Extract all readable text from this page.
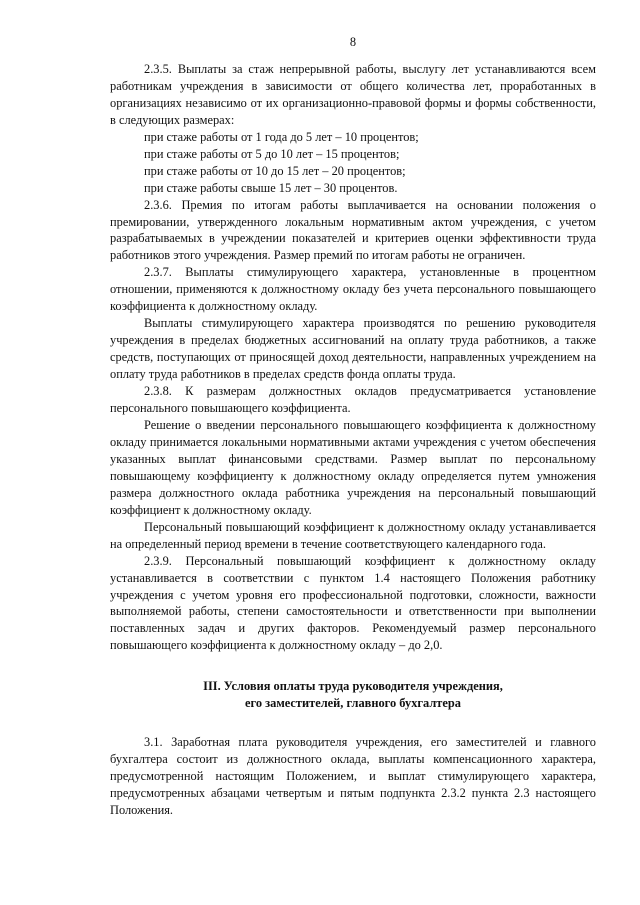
8

2.3.5. Выплаты за стаж непрерывной работы, выслугу лет устанавливаются всем работникам учреждения в зависимости от общего количества лет, проработанных в организациях независимо от их организационно-правовой формы и формы собственности, в следующих размерах:

при стаже работы от 1 года до 5 лет – 10 процентов;
при стаже работы от 5 до 10 лет – 15 процентов;
при стаже работы от 10 до 15 лет – 20 процентов;
при стаже работы свыше 15 лет – 30 процентов.

2.3.6. Премия по итогам работы выплачивается на основании положения о премировании, утвержденного локальным нормативным актом учреждения, с учетом разрабатываемых в учреждении показателей и критериев оценки эффективности труда работников этого учреждения. Размер премий по итогам работы не ограничен.

2.3.7. Выплаты стимулирующего характера, установленные в процентном отношении, применяются к должностному окладу без учета персонального повышающего коэффициента к должностному окладу.

Выплаты стимулирующего характера производятся по решению руководителя учреждения в пределах бюджетных ассигнований на оплату труда работников, а также средств, поступающих от приносящей доход деятельности, направленных учреждением на оплату труда работников в пределах средств фонда оплаты труда.

2.3.8. К размерам должностных окладов предусматривается установление персонального повышающего коэффициента.

Решение о введении персонального повышающего коэффициента к должностному окладу принимается локальными нормативными актами учреждения с учетом обеспечения указанных выплат финансовыми средствами. Размер выплат по персональному повышающему коэффициенту к должностному окладу определяется путем умножения размера должностного оклада работника учреждения на персональный повышающий коэффициент к должностному окладу.

Персональный повышающий коэффициент к должностному окладу устанавливается на определенный период времени в течение соответствующего календарного года.

2.3.9. Персональный повышающий коэффициент к должностному окладу устанавливается в соответствии с пунктом 1.4 настоящего Положения работнику учреждения с учетом уровня его профессиональной подготовки, сложности, важности выполняемой работы, степени самостоятельности и ответственности при выполнении поставленных задач и других факторов. Рекомендуемый размер персонального повышающего коэффициента к должностному окладу – до 2,0.

III. Условия оплаты труда руководителя учреждения,
его заместителей, главного бухгалтера

3.1. Заработная плата руководителя учреждения, его заместителей и главного бухгалтера состоит из должностного оклада, выплаты компенсационного характера, предусмотренной настоящим Положением, и выплат стимулирующего характера, предусмотренных абзацами четвертым и пятым подпункта 2.3.2 пункта 2.3 настоящего Положения.
